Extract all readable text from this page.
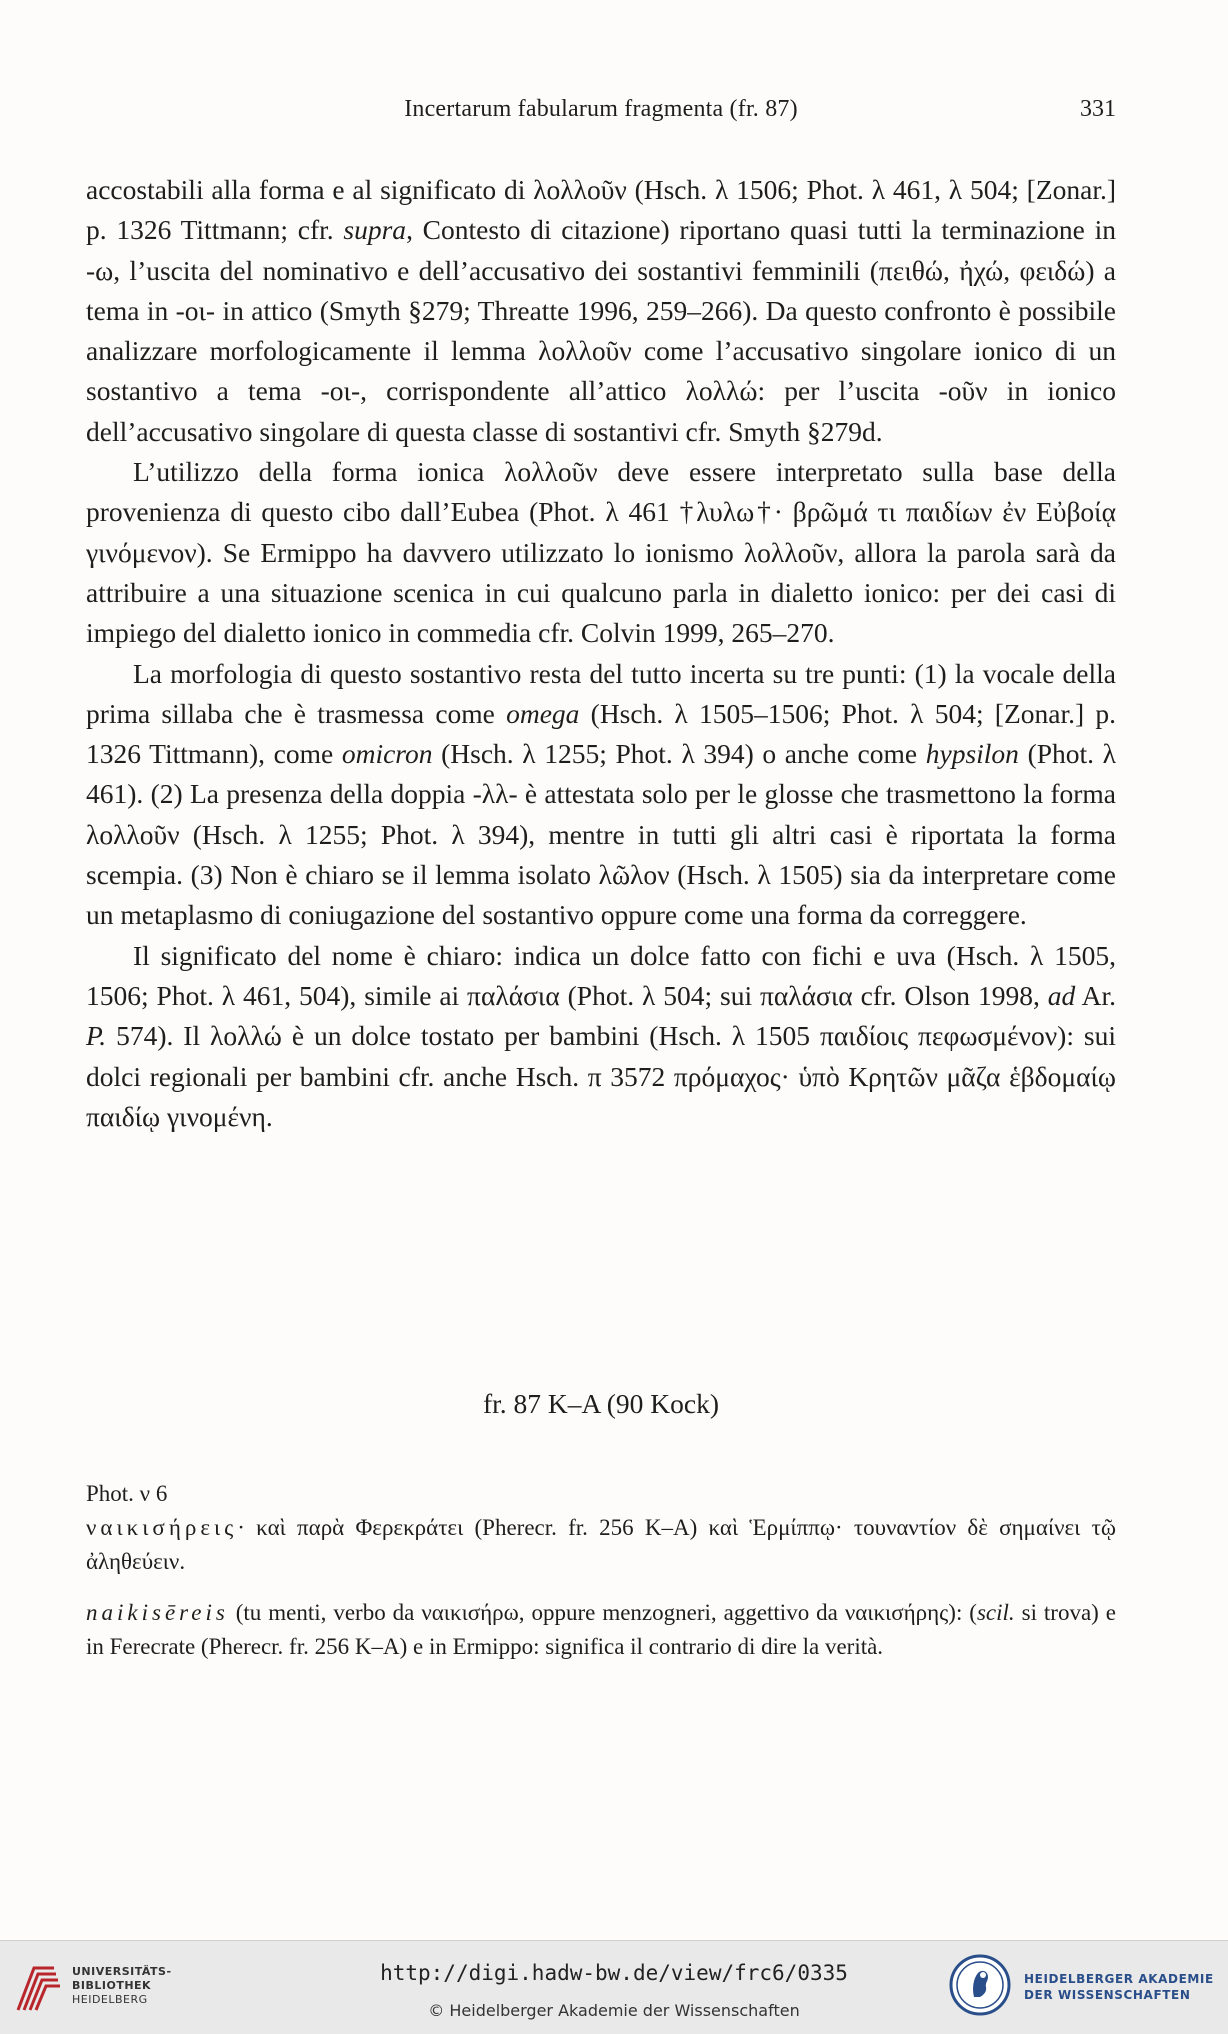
Incertarum fabularum fragmenta (fr. 87)	331

accostabili alla forma e al significato di λολλοῦν (Hsch. λ 1506; Phot. λ 461, λ 504; [Zonar.] p. 1326 Tittmann; cfr. supra, Contesto di citazione) riportano quasi tutti la terminazione in -ω, l’uscita del nominativo e dell’accusativo dei sostantivi femminili (πειθώ, ἠχώ, φειδώ) a tema in -οι- in attico (Smyth §279; Threatte 1996, 259–266). Da questo confronto è possibile analizzare morfologicamente il lemma λολλοῦν come l’accusativo singolare ionico di un sostantivo a tema -οι-, corrispondente all’attico λολλώ: per l’uscita -οῦν in ionico dell’accusativo singolare di questa classe di sostantivi cfr. Smyth §279d.

L’utilizzo della forma ionica λολλοῦν deve essere interpretato sulla base della provenienza di questo cibo dall’Eubea (Phot. λ 461 †λυλω†· βρῶμά τι παιδίων ἐν Εὐβοίᾳ γινόμενον). Se Ermippo ha davvero utilizzato lo ionismo λολλοῦν, allora la parola sarà da attribuire a una situazione scenica in cui qualcuno parla in dialetto ionico: per dei casi di impiego del dialetto ionico in commedia cfr. Colvin 1999, 265–270.

La morfologia di questo sostantivo resta del tutto incerta su tre punti: (1) la vocale della prima sillaba che è trasmessa come omega (Hsch. λ 1505–1506; Phot. λ 504; [Zonar.] p. 1326 Tittmann), come omicron (Hsch. λ 1255; Phot. λ 394) o anche come hypsilon (Phot. λ 461). (2) La presenza della doppia -λλ- è attestata solo per le glosse che trasmettono la forma λολλοῦν (Hsch. λ 1255; Phot. λ 394), mentre in tutti gli altri casi è riportata la forma scempia. (3) Non è chiaro se il lemma isolato λῶλον (Hsch. λ 1505) sia da interpretare come un metaplasmo di coniugazione del sostantivo oppure come una forma da correggere.

Il significato del nome è chiaro: indica un dolce fatto con fichi e uva (Hsch. λ 1505, 1506; Phot. λ 461, 504), simile ai παλάσια (Phot. λ 504; sui παλάσια cfr. Olson 1998, ad Ar. P. 574). Il λολλώ è un dolce tostato per bambini (Hsch. λ 1505 παιδίοις πεφωσμένον): sui dolci regionali per bambini cfr. anche Hsch. π 3572 πρόμαχος· ὑπὸ Κρητῶν μᾶζα ἑβδομαίῳ παιδίῳ γινομένη.

fr. 87 K–A (90 Kock)
Phot. ν 6
ναικισήρεις· καὶ παρὰ Φερεκράτει (Pherecr. fr. 256 K–A) καὶ Ἑρμίππῳ· τουναντίον δὲ σημαίνει τῷ ἀληθεύειν.
naikisēreis (tu menti, verbo da ναικισήρω, oppure menzogneri, aggettivo da ναικισήρης): (scil. si trova) e in Ferecrate (Pherecr. fr. 256 K–A) e in Ermippo: significa il contrario di dire la verità.
UNIVERSITÄTS-
BIBLIOTHEK
HEIDELBERG
http://digi.hadw-bw.de/view/frc6/0335
© Heidelberger Akademie der Wissenschaften
HEIDELBERGER AKADEMIE
DER WISSENSCHAFTEN
